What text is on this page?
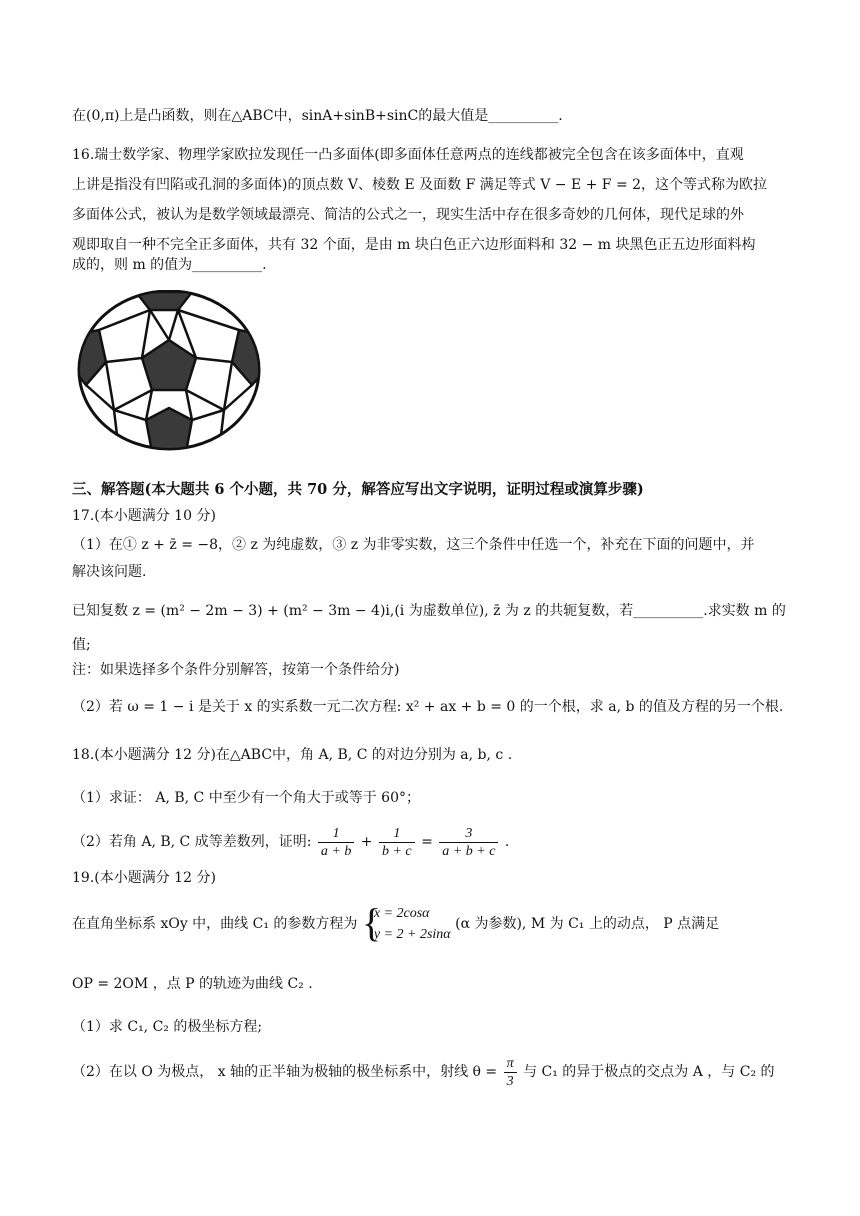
在(0,π)上是凸函数，则在△ABC中，sinA+sinB+sinC的最大值是__________.
16.瑞士数学家、物理学家欧拉发现任一凸多面体(即多面体任意两点的连线都被完全包含在该多面体中，直观
上讲是指没有凹陷或孔洞的多面体)的顶点数 V、棱数 E 及面数 F 满足等式 V − E + F = 2，这个等式称为欧拉
多面体公式，被认为是数学领域最漂亮、简洁的公式之一，现实生活中存在很多奇妙的几何体，现代足球的外
观即取自一种不完全正多面体，共有 32 个面，是由 m 块白色正六边形面料和 32 − m 块黑色正五边形面料构
成的，则 m 的值为__________.
三、解答题(本大题共 6 个小题，共 70 分，解答应写出文字说明，证明过程或演算步骤)
17.(本小题满分 10 分)
（1）在① z + z̄ = −8，② z 为纯虚数，③ z 为非零实数，这三个条件中任选一个，补充在下面的问题中，并
解决该问题.
已知复数 z = (m² − 2m − 3) + (m² − 3m − 4)i,(i 为虚数单位), z̄ 为 z 的共轭复数，若__________.求实数 m 的
值;
注：如果选择多个条件分别解答，按第一个条件给分)
（2）若 ω = 1 − i 是关于 x 的实系数一元二次方程: x² + ax + b = 0 的一个根，求 a, b 的值及方程的另一个根.
18.(本小题满分 12 分)在△ABC中，角 A, B, C 的对边分别为 a, b, c .
（1）求证： A, B, C 中至少有一个角大于或等于 60°；
（2）若角 A, B, C 成等差数列，证明: $\frac{1}{a + b} + \frac{1}{b + c} = \frac{3}{a + b + c}$ .
19.(本小题满分 12 分)
在直角坐标系 xOy 中，曲线 C₁ 的参数方程为 {
x = 2cosα
y = 2 + 2sinα
(α 为参数), M 为 C₁ 上的动点， P 点满足
OP = 2OM ，点 P 的轨迹为曲线 C₂ .
（1）求 C₁, C₂ 的极坐标方程;
（2）在以 O 为极点， x 轴的正半轴为极轴的极坐标系中，射线 $\theta = \frac{\pi}{3}$ 与 C₁ 的异于极点的交点为 A ，与 C₂ 的
